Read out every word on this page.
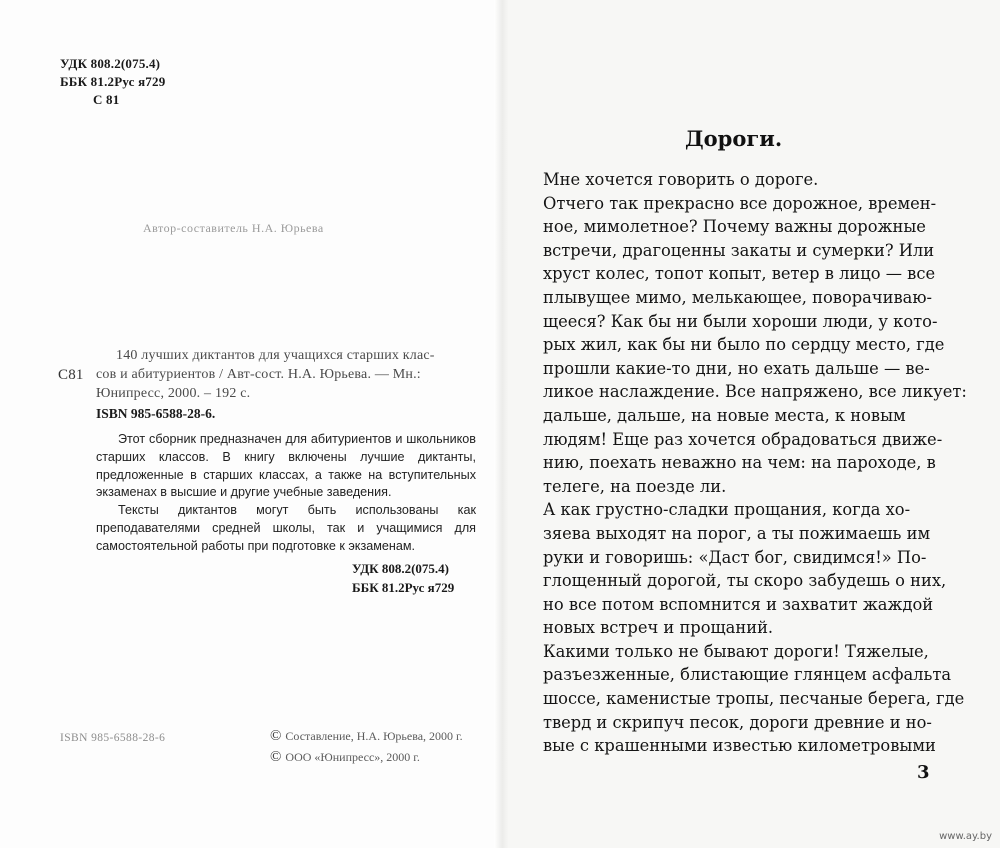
УДК 808.2(075.4)
ББК 81.2Рус я729
С 81
Автор-составитель Н.А. Юрьева
С81
140 лучших диктантов для учащихся старших клас-
сов и абитуриентов / Авт-сост. Н.А. Юрьева. — Мн.:
Юнипресс, 2000. – 192 с.
ISBN 985-6588-28-6.

Этот сборник предназначен для абитуриентов и школьников старших классов. В книгу включены лучшие диктанты, предложенные в старших классах, а также на вступительных экзаменах в высшие и другие учебные заведения.

Тексты диктантов могут быть использованы как преподавателями средней школы, так и учащимися для самостоятельной работы при подготовке к экзаменам.

УДК 808.2(075.4)
ББК 81.2Рус я729
ISBN 985-6588-28-6	© Составление, Н.А. Юрьева, 2000 г.
© ООО «Юнипресс», 2000 г.
Дороги.
Мне хочется говорить о дороге.
Отчего так прекрасно все дорожное, времен-
ное, мимолетное? Почему важны дорожные
встречи, драгоценны закаты и сумерки? Или
хруст колес, топот копыт, ветер в лицо — все
плывущее мимо, мелькающее, поворачиваю-
щееся? Как бы ни были хороши люди, у кото-
рых жил, как бы ни было по сердцу место, где
прошли какие-то дни, но ехать дальше — ве-
ликое наслаждение. Все напряжено, все ликует:
дальше, дальше, на новые места, к новым
людям! Еще раз хочется обрадоваться движе-
нию, поехать неважно на чем: на пароходе, в
телеге, на поезде ли.
А как грустно-сладки прощания, когда хо-
зяева выходят на порог, а ты пожимаешь им
руки и говоришь: «Даст бог, свидимся!» По-
глощенный дорогой, ты скоро забудешь о них,
но все потом вспомнится и захватит жаждой
новых встреч и прощаний.
Какими только не бывают дороги! Тяжелые,
разъезженные, блистающие глянцем асфальта
шоссе, каменистые тропы, песчаные берега, где
тверд и скрипуч песок, дороги древние и но-
вые с крашенными известью километровыми
3
www.ay.by
